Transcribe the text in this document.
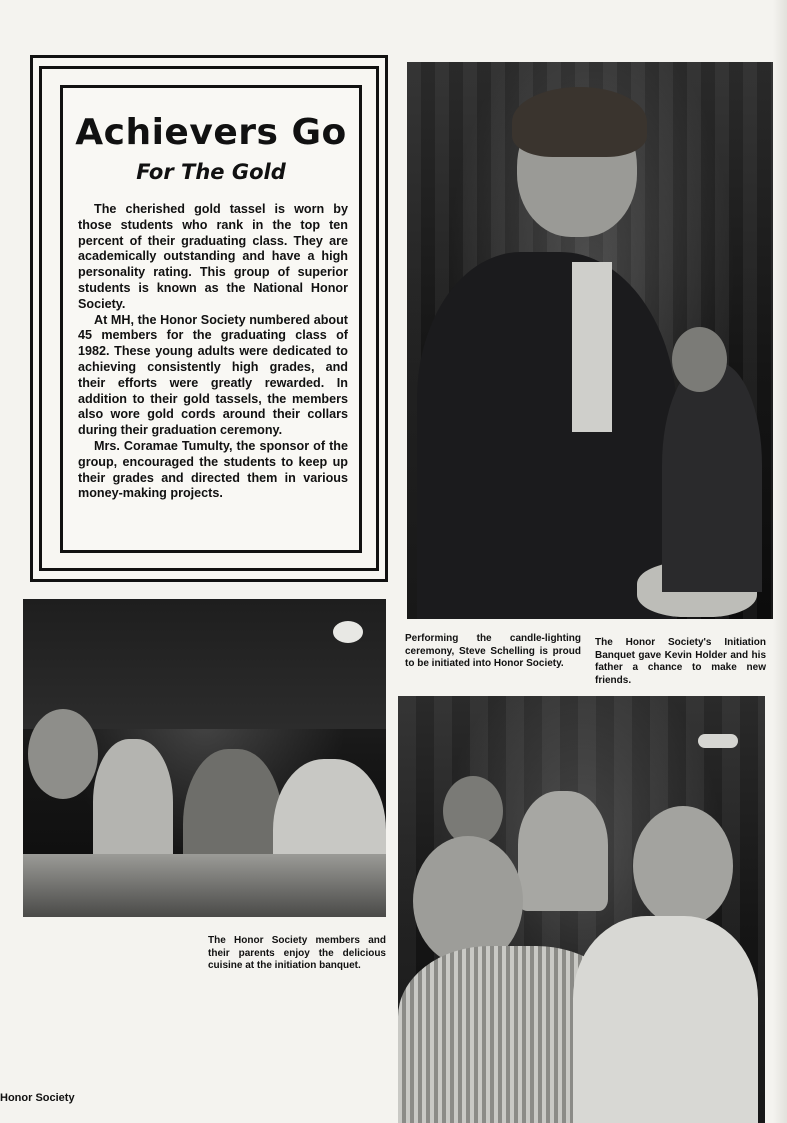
Achievers Go
For The Gold

The cherished gold tassel is worn by those students who rank in the top ten percent of their graduating class. They are academically outstanding and have a high personality rating. This group of superior students is known as the National Honor Society.

At MH, the Honor Society numbered about 45 members for the graduating class of 1982. These young adults were dedicated to achieving consistently high grades, and their efforts were greatly rewarded. In addition to their gold tassels, the members also wore gold cords around their collars during their graduation ceremony.

Mrs. Coramae Tumulty, the sponsor of the group, encouraged the students to keep up their grades and directed them in various money-making projects.

Performing the candle-lighting ceremony, Steve Schelling is proud to be initiated into Honor Society.

The Honor Society's Initiation Banquet gave Kevin Holder and his father a chance to make new friends.

The Honor Society members and their parents enjoy the delicious cuisine at the initiation banquet.

Honor Society
